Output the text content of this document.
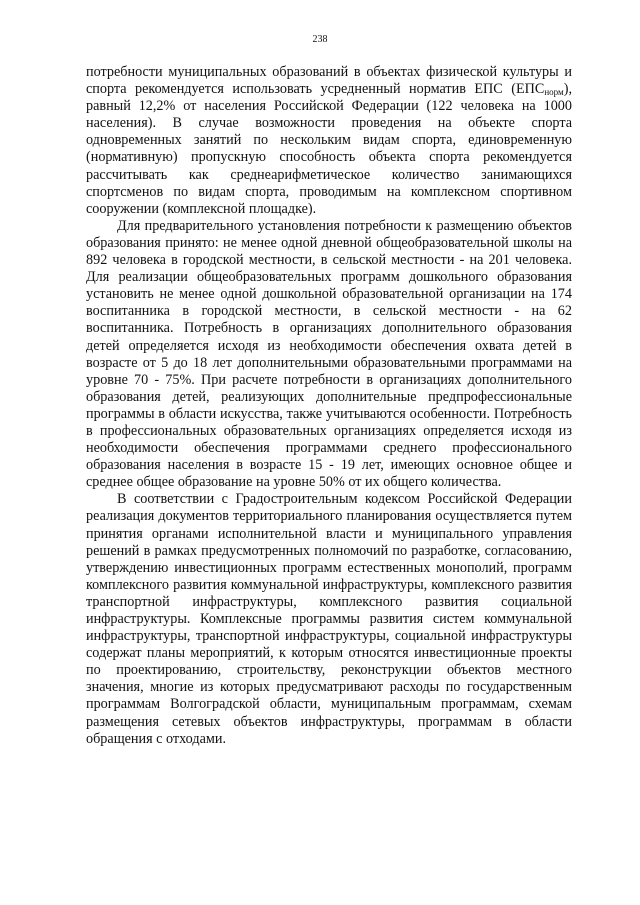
238

потребности муниципальных образований в объектах физической культуры и спорта рекомендуется использовать усредненный норматив ЕПС $(ЕПС_{норм})$, равный 12,2% от населения Российской Федерации (122 человека на 1000 населения). В случае возможности проведения на объекте спорта одновременных занятий по нескольким видам спорта, единовременную (нормативную) пропускную способность объекта спорта рекомендуется рассчитывать как среднеарифметическое количество занимающихся спортсменов по видам спорта, проводимым на комплексном спортивном сооружении (комплексной площадке).

Для предварительного установления потребности к размещению объектов образования принято: не менее одной дневной общеобразовательной школы на 892 человека в городской местности, в сельской местности - на 201 человека. Для реализации общеобразовательных программ дошкольного образования установить не менее одной дошкольной образовательной организации на 174 воспитанника в городской местности, в сельской местности - на 62 воспитанника. Потребность в организациях дополнительного образования детей определяется исходя из необходимости обеспечения охвата детей в возрасте от 5 до 18 лет дополнительными образовательными программами на уровне 70 - 75%. При расчете потребности в организациях дополнительного образования детей, реализующих дополнительные предпрофессиональные программы в области искусства, также учитываются особенности. Потребность в профессиональных образовательных организациях определяется исходя из необходимости обеспечения программами среднего профессионального образования населения в возрасте 15 - 19 лет, имеющих основное общее и среднее общее образование на уровне 50% от их общего количества.

В соответствии с Градостроительным кодексом Российской Федерации реализация документов территориального планирования осуществляется путем принятия органами исполнительной власти и муниципального управления решений в рамках предусмотренных полномочий по разработке, согласованию, утверждению инвестиционных программ естественных монополий, программ комплексного развития коммунальной инфраструктуры, комплексного развития транспортной инфраструктуры, комплексного развития социальной инфраструктуры. Комплексные программы развития систем коммунальной инфраструктуры, транспортной инфраструктуры, социальной инфраструктуры содержат планы мероприятий, к которым относятся инвестиционные проекты по проектированию, строительству, реконструкции объектов местного значения, многие из которых предусматривают расходы по государственным программам Волгоградской области, муниципальным программам, схемам размещения сетевых объектов инфраструктуры, программам в области обращения с отходами.
